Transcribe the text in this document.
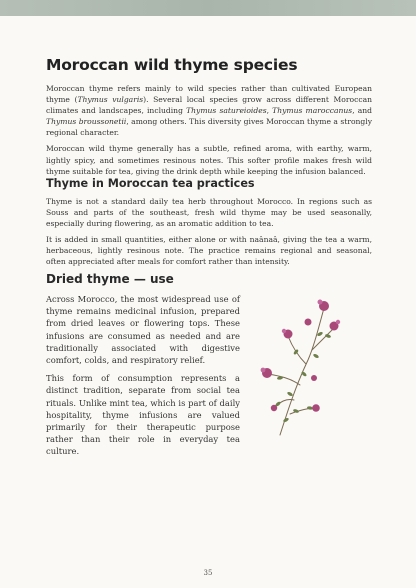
Moroccan wild thyme species

Moroccan thyme refers mainly to wild species rather than cultivated European thyme (Thymus vulgaris). Several local species grow across different Moroccan climates and landscapes, including Thymus satureioides, Thymus maroccanus, and Thymus broussonetii, among others. This diversity gives Moroccan thyme a strongly regional character.

Moroccan wild thyme generally has a subtle, refined aroma, with earthy, warm, lightly spicy, and sometimes resinous notes. This softer profile makes fresh wild thyme suitable for tea, giving the drink depth while keeping the infusion balanced.

Thyme in Moroccan tea practices

Thyme is not a standard daily tea herb throughout Morocco. In regions such as Souss and parts of the southeast, fresh wild thyme may be used seasonally, especially during flowering, as an aromatic addition to tea.

It is added in small quantities, either alone or with naânaâ, giving the tea a warm, herbaceous, lightly resinous note. The practice remains regional and seasonal, often appreciated after meals for comfort rather than intensity.

Dried thyme — use

Across Morocco, the most widespread use of thyme remains medicinal infusion, prepared from dried leaves or flowering tops. These infusions are consumed as needed and are traditionally associated with digestive comfort, colds, and respiratory relief.

This form of consumption represents a distinct tradition, separate from social tea rituals. Unlike mint tea, which is part of daily hospitality, thyme infusions are valued primarily for their therapeutic purpose rather than their role in everyday tea culture.

35
